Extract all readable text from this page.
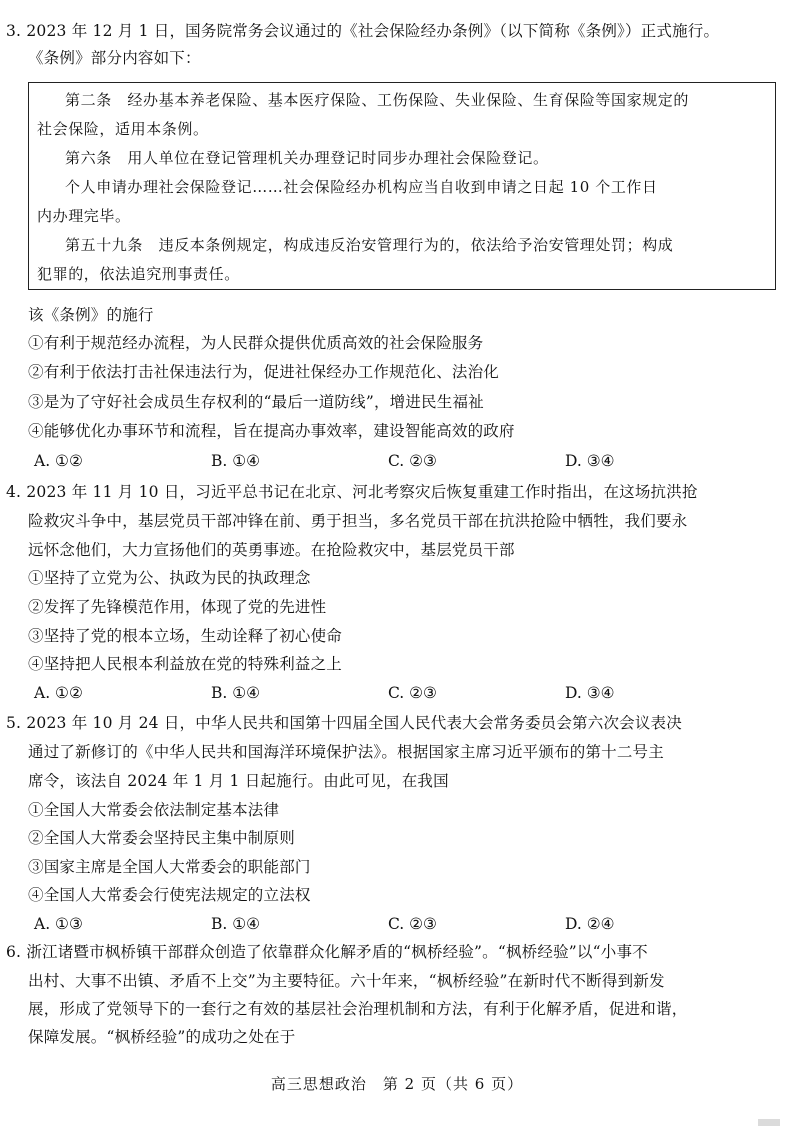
3. 2023 年 12 月 1 日，国务院常务会议通过的《社会保险经办条例》（以下简称《条例》）正式施行。
《条例》部分内容如下：
第二条　经办基本养老保险、基本医疗保险、工伤保险、失业保险、生育保险等国家规定的
社会保险，适用本条例。
第六条　用人单位在登记管理机关办理登记时同步办理社会保险登记。
个人申请办理社会保险登记……社会保险经办机构应当自收到申请之日起 10 个工作日
内办理完毕。
第五十九条　违反本条例规定，构成违反治安管理行为的，依法给予治安管理处罚；构成
犯罪的，依法追究刑事责任。
该《条例》的施行
①有利于规范经办流程，为人民群众提供优质高效的社会保险服务
②有利于依法打击社保违法行为，促进社保经办工作规范化、法治化
③是为了守好社会成员生存权利的“最后一道防线”，增进民生福祉
④能够优化办事环节和流程，旨在提高办事效率，建设智能高效的政府
A. ①②	B. ①④	C. ②③	D. ③④
4. 2023 年 11 月 10 日，习近平总书记在北京、河北考察灾后恢复重建工作时指出，在这场抗洪抢
险救灾斗争中，基层党员干部冲锋在前、勇于担当，多名党员干部在抗洪抢险中牺牲，我们要永
远怀念他们，大力宣扬他们的英勇事迹。在抢险救灾中，基层党员干部
①坚持了立党为公、执政为民的执政理念
②发挥了先锋模范作用，体现了党的先进性
③坚持了党的根本立场，生动诠释了初心使命
④坚持把人民根本利益放在党的特殊利益之上
A. ①②	B. ①④	C. ②③	D. ③④
5. 2023 年 10 月 24 日，中华人民共和国第十四届全国人民代表大会常务委员会第六次会议表决
通过了新修订的《中华人民共和国海洋环境保护法》。根据国家主席习近平颁布的第十二号主
席令，该法自 2024 年 1 月 1 日起施行。由此可见，在我国
①全国人大常委会依法制定基本法律
②全国人大常委会坚持民主集中制原则
③国家主席是全国人大常委会的职能部门
④全国人大常委会行使宪法规定的立法权
A. ①③	B. ①④	C. ②③	D. ②④
6. 浙江诸暨市枫桥镇干部群众创造了依靠群众化解矛盾的“枫桥经验”。“枫桥经验”以“小事不
出村、大事不出镇、矛盾不上交”为主要特征。六十年来，“枫桥经验”在新时代不断得到新发
展，形成了党领导下的一套行之有效的基层社会治理机制和方法，有利于化解矛盾，促进和谐，
保障发展。“枫桥经验”的成功之处在于
高三思想政治　第 2 页（共 6 页）
